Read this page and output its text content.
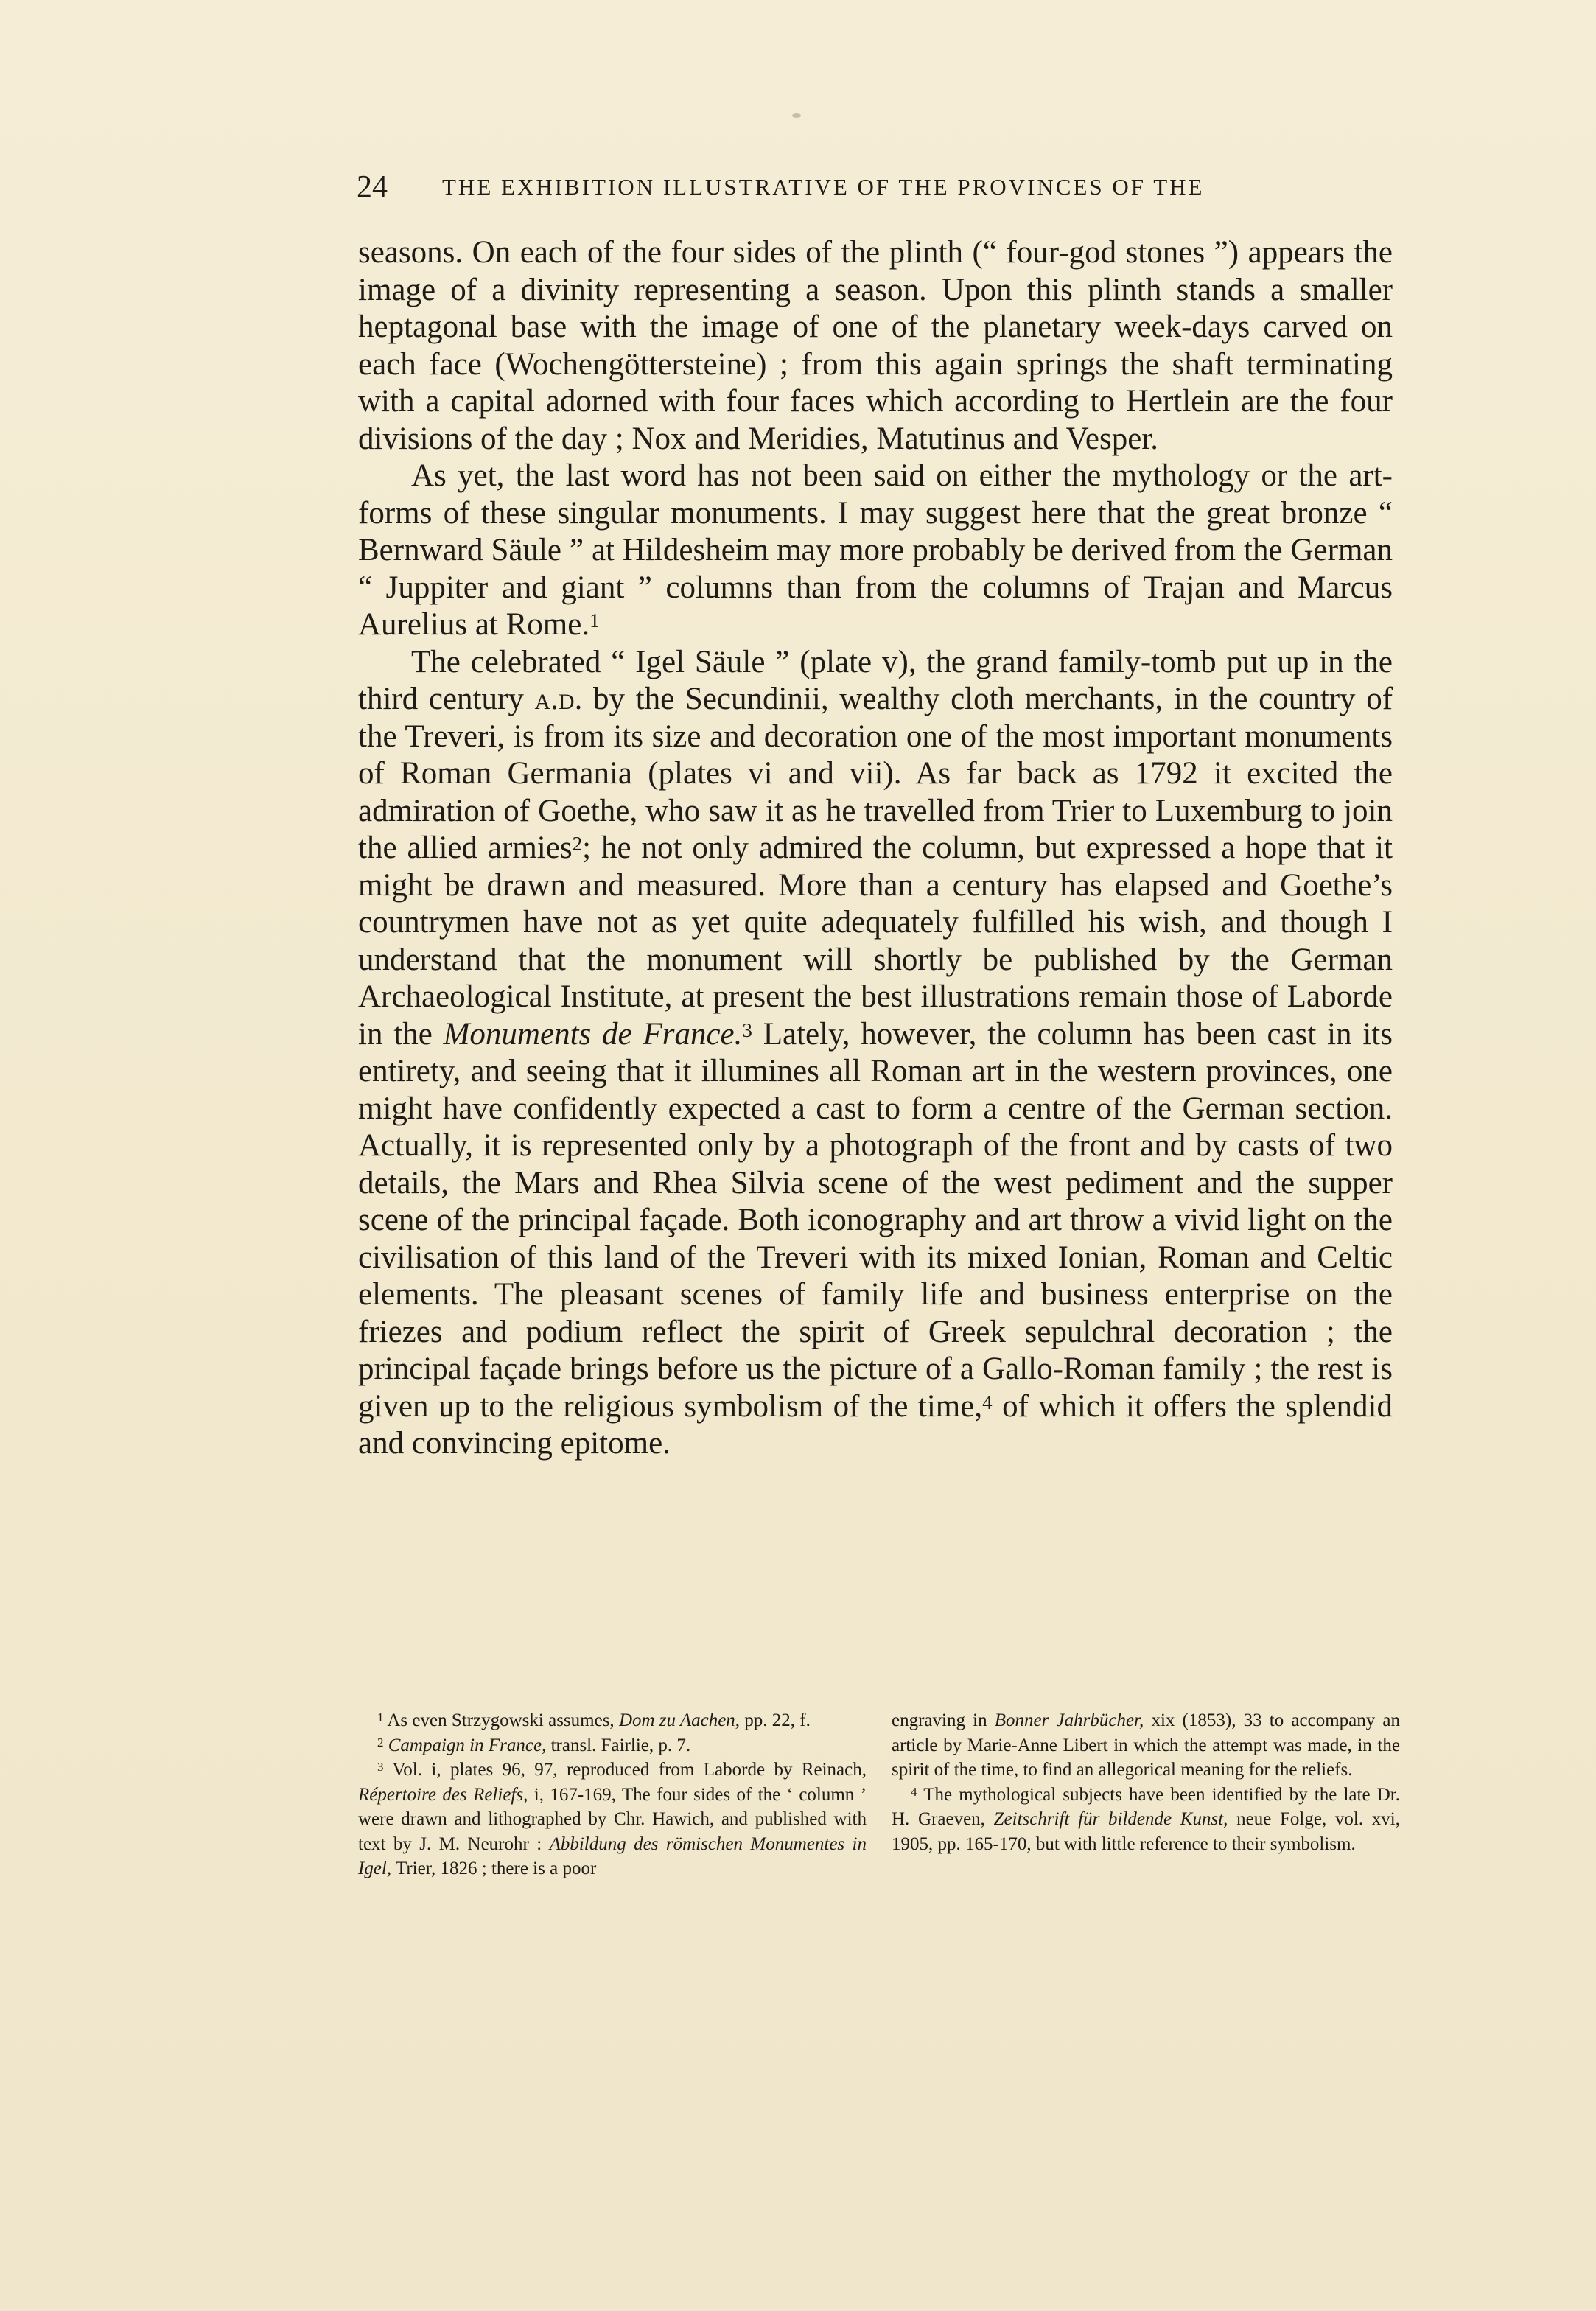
24 THE EXHIBITION ILLUSTRATIVE OF THE PROVINCES OF THE

seasons. On each of the four sides of the plinth (“ four-god stones ”) appears the image of a divinity representing a season. Upon this plinth stands a smaller heptagonal base with the image of one of the planetary week-days carved on each face (Wochengöttersteine) ; from this again springs the shaft terminating with a capital adorned with four faces which according to Hertlein are the four divisions of the day ; Nox and Meridies, Matutinus and Vesper.

As yet, the last word has not been said on either the mythology or the art-forms of these singular monuments. I may suggest here that the great bronze “ Bernward Säule ” at Hildesheim may more probably be derived from the German “ Juppiter and giant ” columns than from the columns of Trajan and Marcus Aurelius at Rome.$^1$

The celebrated “ Igel Säule ” (plate v), the grand family-tomb put up in the third century a.d. by the Secundinii, wealthy cloth merchants, in the country of the Treveri, is from its size and decoration one of the most important monuments of Roman Germania (plates vi and vii). As far back as 1792 it excited the admiration of Goethe, who saw it as he travelled from Trier to Luxemburg to join the allied armies$^2$; he not only admired the column, but expressed a hope that it might be drawn and measured. More than a century has elapsed and Goethe’s countrymen have not as yet quite adequately fulfilled his wish, and though I understand that the monument will shortly be published by the German Archaeological Institute, at present the best illustrations remain those of Laborde in the Monuments de France.$^3$ Lately, however, the column has been cast in its entirety, and seeing that it illumines all Roman art in the western provinces, one might have confidently expected a cast to form a centre of the German section. Actually, it is represented only by a photograph of the front and by casts of two details, the Mars and Rhea Silvia scene of the west pediment and the supper scene of the principal façade. Both iconography and art throw a vivid light on the civilisation of this land of the Treveri with its mixed Ionian, Roman and Celtic elements. The pleasant scenes of family life and business enterprise on the friezes and podium reflect the spirit of Greek sepulchral decoration ; the principal façade brings before us the picture of a Gallo-Roman family ; the rest is given up to the religious symbolism of the time,$^4$ of which it offers the splendid and convincing epitome.

$^1$ As even Strzygowski assumes, Dom zu Aachen, pp. 22, f.

$^2$ Campaign in France, transl. Fairlie, p. 7.

$^3$ Vol. i, plates 96, 97, reproduced from Laborde by Reinach, Répertoire des Reliefs, i, 167-169, The four sides of the ‘ column ’ were drawn and lithographed by Chr. Hawich, and published with text by J. M. Neurohr : Abbildung des römischen Monumentes in Igel, Trier, 1826 ; there is a poor

engraving in Bonner Jahrbücher, xix (1853), 33 to accompany an article by Marie-Anne Libert in which the attempt was made, in the spirit of the time, to find an allegorical meaning for the reliefs.

$^4$ The mythological subjects have been identified by the late Dr. H. Graeven, Zeitschrift für bildende Kunst, neue Folge, vol. xvi, 1905, pp. 165-170, but with little reference to their symbolism.
